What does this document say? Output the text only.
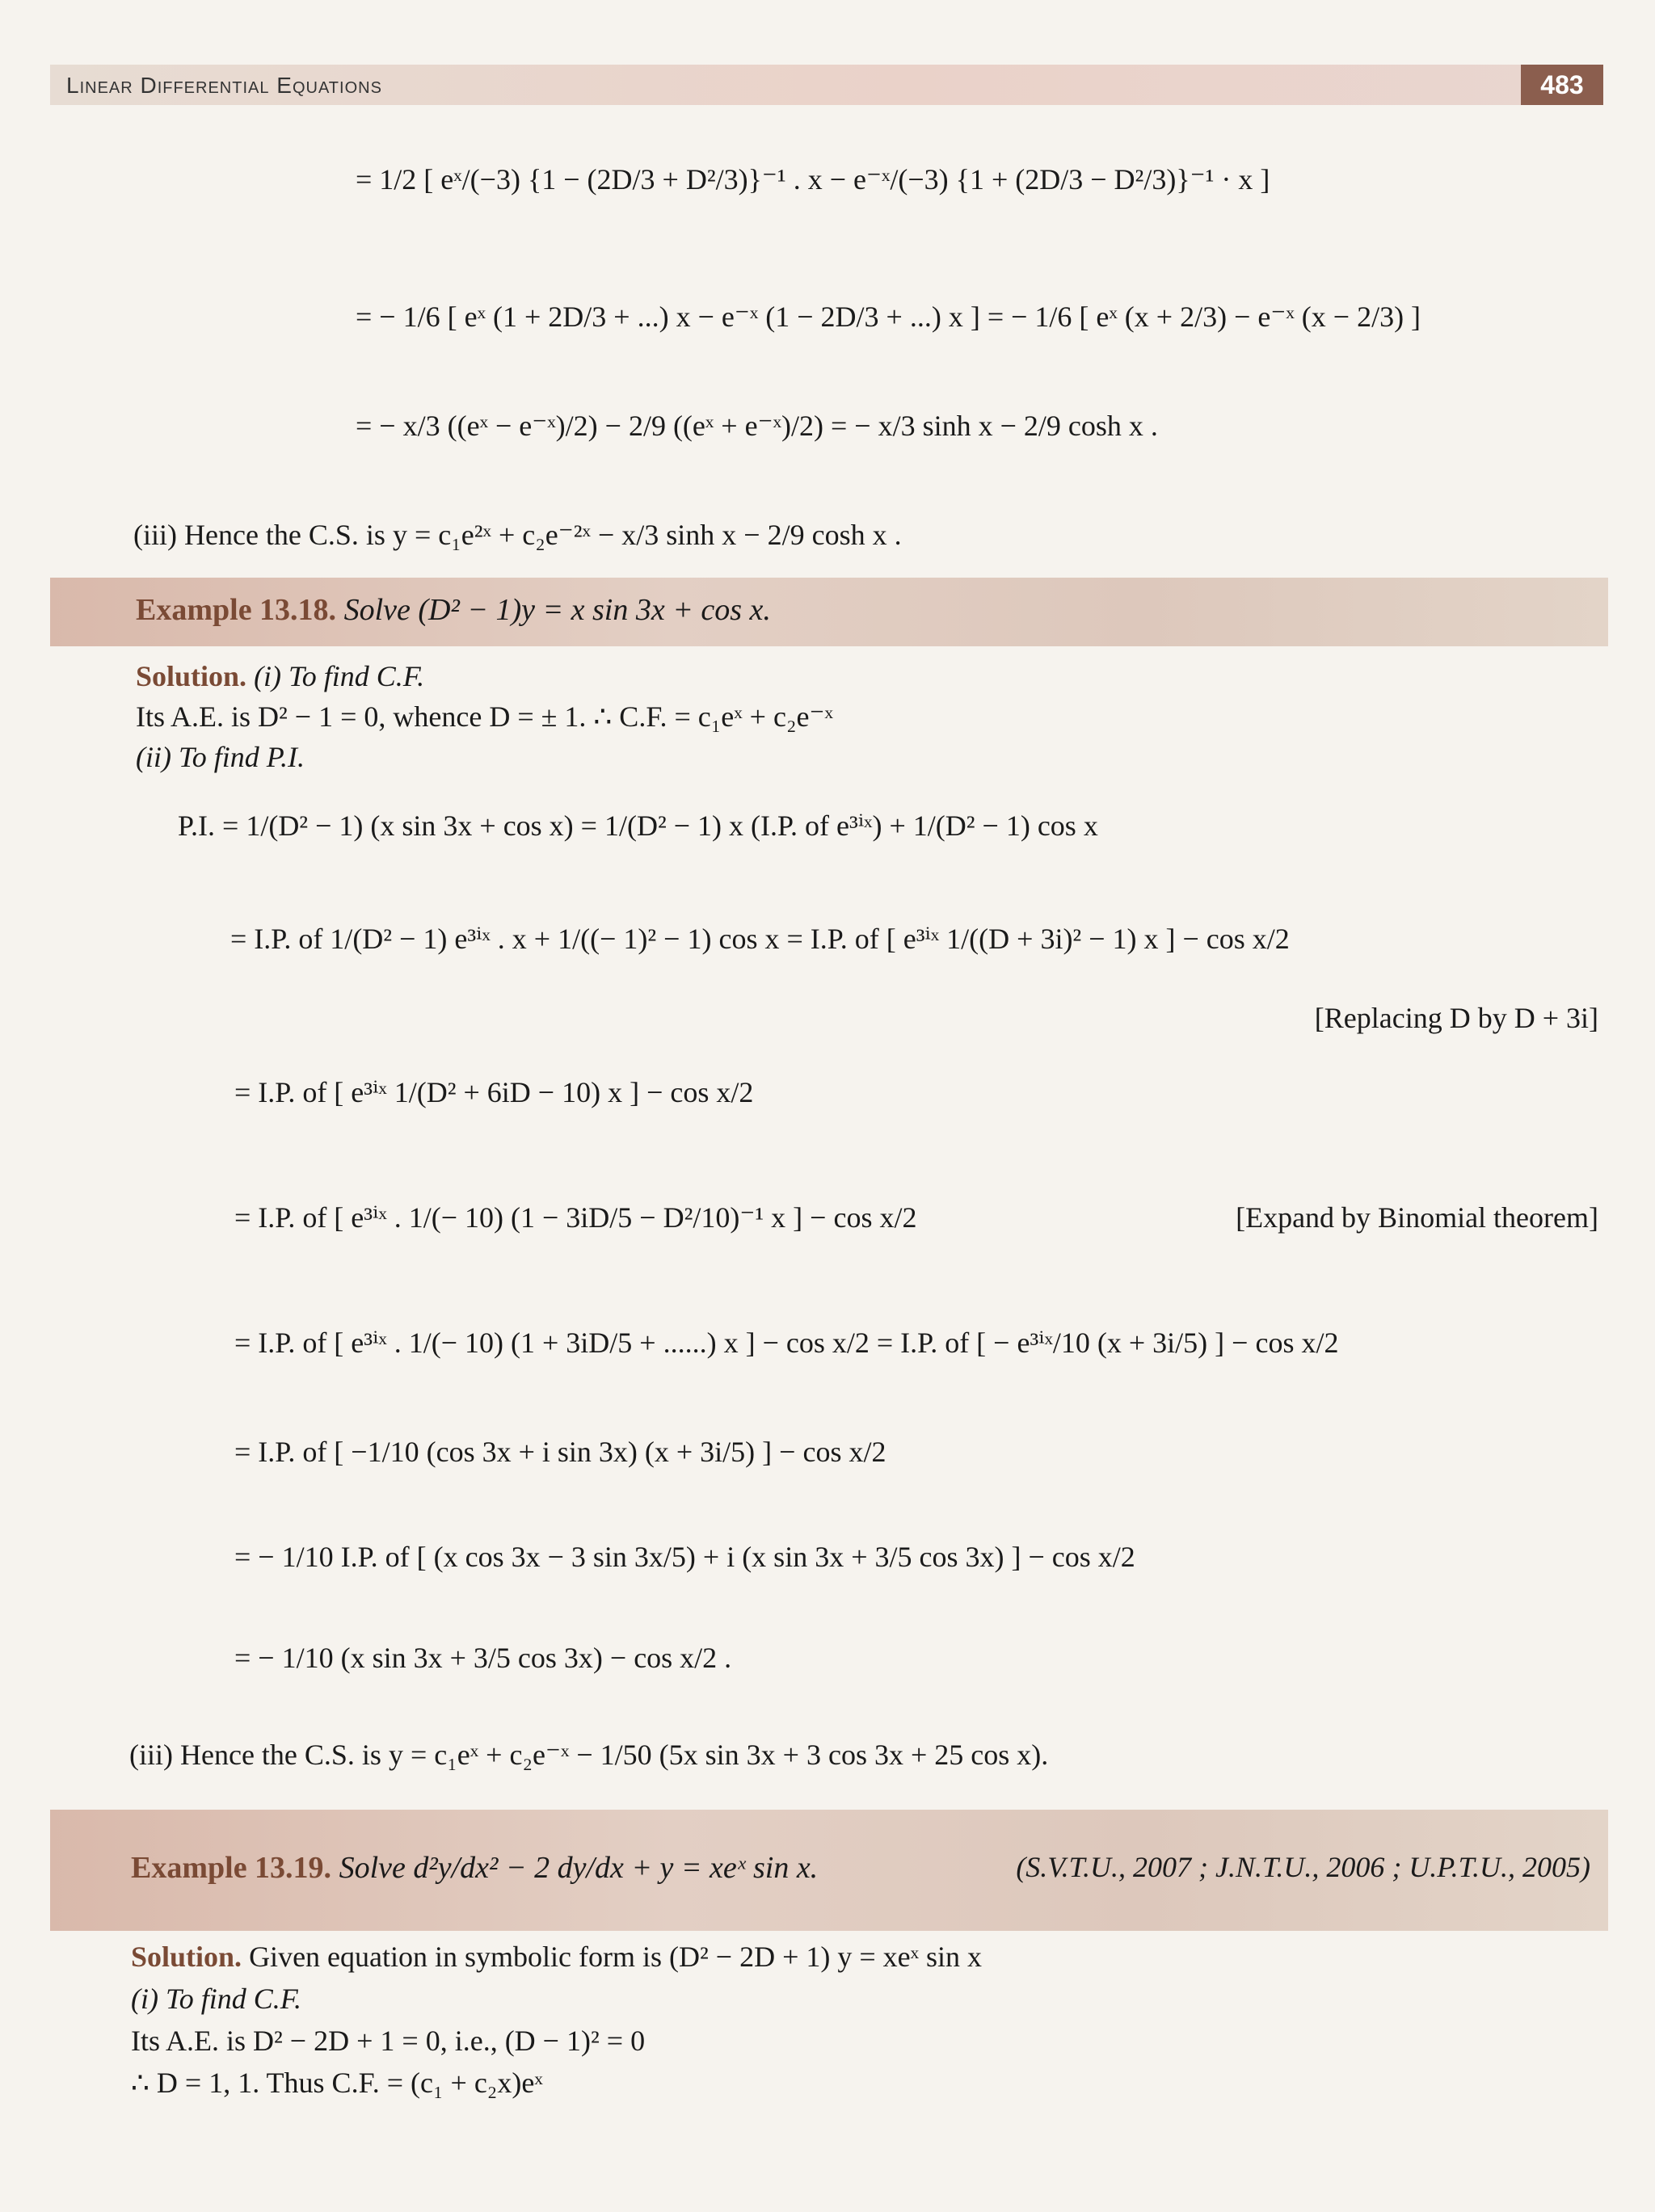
Linear Differential Equations	483
= 1/2 [ eˣ/(−3) {1 − (2D/3 + D²/3)}⁻¹ . x − e⁻ˣ/(−3) {1 + (2D/3 − D²/3)}⁻¹ · x ]
= − 1/6 [ eˣ (1 + 2D/3 + ...) x − e⁻ˣ (1 − 2D/3 + ...) x ] = − 1/6 [ eˣ (x + 2/3) − e⁻ˣ (x − 2/3) ]
= − x/3 ((eˣ − e⁻ˣ)/2) − 2/9 ((eˣ + e⁻ˣ)/2) = − x/3 sinh x − 2/9 cosh x .
(iii) Hence the C.S. is y = c₁e²ˣ + c₂e⁻²ˣ − x/3 sinh x − 2/9 cosh x .
Example 13.18. Solve (D² − 1)y = x sin 3x + cos x.
Solution. (i) To find C.F.
Its A.E. is D² − 1 = 0, whence D = ± 1. ∴ C.F. = c₁eˣ + c₂e⁻ˣ
(ii) To find P.I.
P.I. = 1/(D² − 1) (x sin 3x + cos x) = 1/(D² − 1) x (I.P. of e³ⁱˣ) + 1/(D² − 1) cos x
= I.P. of 1/(D² − 1) e³ⁱˣ . x + 1/((− 1)² − 1) cos x = I.P. of [ e³ⁱˣ 1/((D + 3i)² − 1) x ] − cos x/2
[Replacing D by D + 3i]
= I.P. of [ e³ⁱˣ 1/(D² + 6iD − 10) x ] − cos x/2
= I.P. of [ e³ⁱˣ . 1/(− 10) (1 − 3iD/5 − D²/10)⁻¹ x ] − cos x/2	[Expand by Binomial theorem]
= I.P. of [ e³ⁱˣ . 1/(− 10) (1 + 3iD/5 + ......) x ] − cos x/2 = I.P. of [ − e³ⁱˣ/10 (x + 3i/5) ] − cos x/2
= I.P. of [ −1/10 (cos 3x + i sin 3x) (x + 3i/5) ] − cos x/2
= − 1/10 I.P. of [ (x cos 3x − 3 sin 3x/5) + i (x sin 3x + 3/5 cos 3x) ] − cos x/2
= − 1/10 (x sin 3x + 3/5 cos 3x) − cos x/2 .
(iii) Hence the C.S. is y = c₁eˣ + c₂e⁻ˣ − 1/50 (5x sin 3x + 3 cos 3x + 25 cos x).
Example 13.19. Solve d²y/dx² − 2 dy/dx + y = xeˣ sin x.	(S.V.T.U., 2007 ; J.N.T.U., 2006 ; U.P.T.U., 2005)
Solution. Given equation in symbolic form is (D² − 2D + 1) y = xeˣ sin x
(i) To find C.F.
Its A.E. is D² − 2D + 1 = 0, i.e., (D − 1)² = 0
∴ D = 1, 1. Thus C.F. = (c₁ + c₂x)eˣ
